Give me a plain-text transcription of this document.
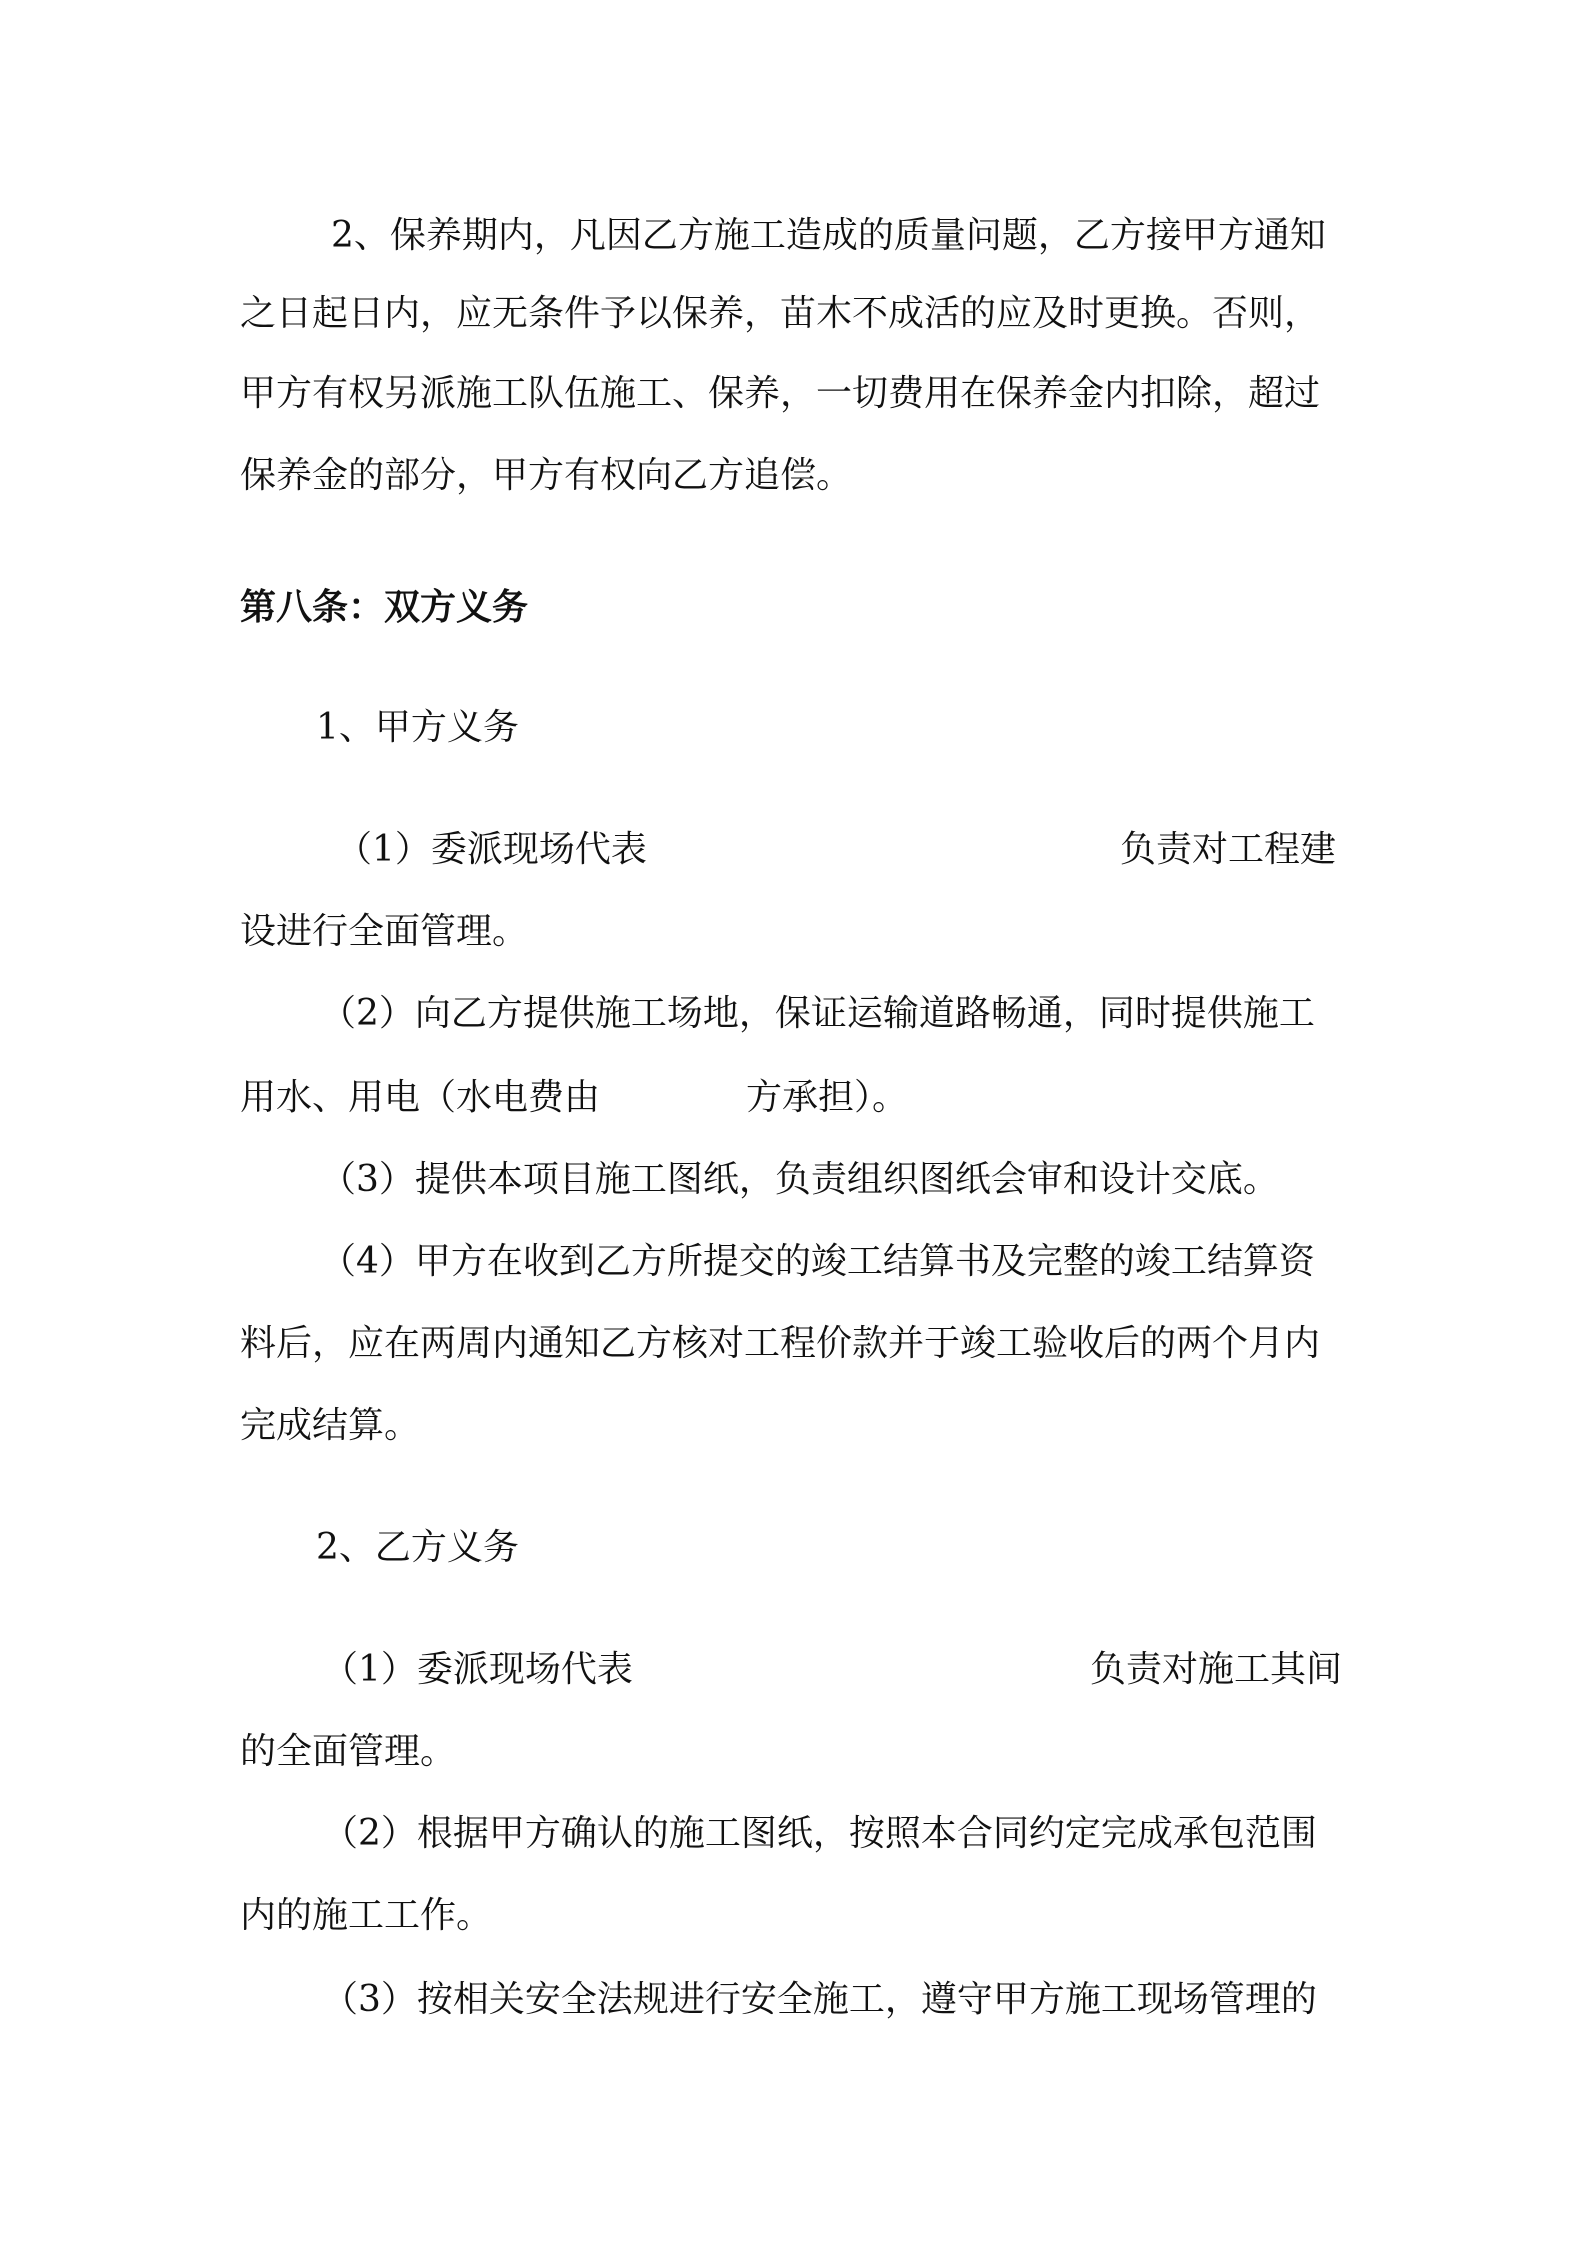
2、保养期内，凡因乙方施工造成的质量问题，乙方接甲方通知
之日起日内，应无条件予以保养，苗木不成活的应及时更换。否则，
甲方有权另派施工队伍施工、保养，一切费用在保养金内扣除，超过
保养金的部分，甲方有权向乙方追偿。
第八条：双方义务
1、甲方义务
（1）委派现场代表	负责对工程建
设进行全面管理。
（2）向乙方提供施工场地，保证运输道路畅通，同时提供施工
用水、用电（水电费由	方承担）。
（3）提供本项目施工图纸，负责组织图纸会审和设计交底。
（4）甲方在收到乙方所提交的竣工结算书及完整的竣工结算资
料后，应在两周内通知乙方核对工程价款并于竣工验收后的两个月内
完成结算。
2、乙方义务
（1）委派现场代表	负责对施工其间
的全面管理。
（2）根据甲方确认的施工图纸，按照本合同约定完成承包范围
内的施工工作。
（3）按相关安全法规进行安全施工，遵守甲方施工现场管理的
